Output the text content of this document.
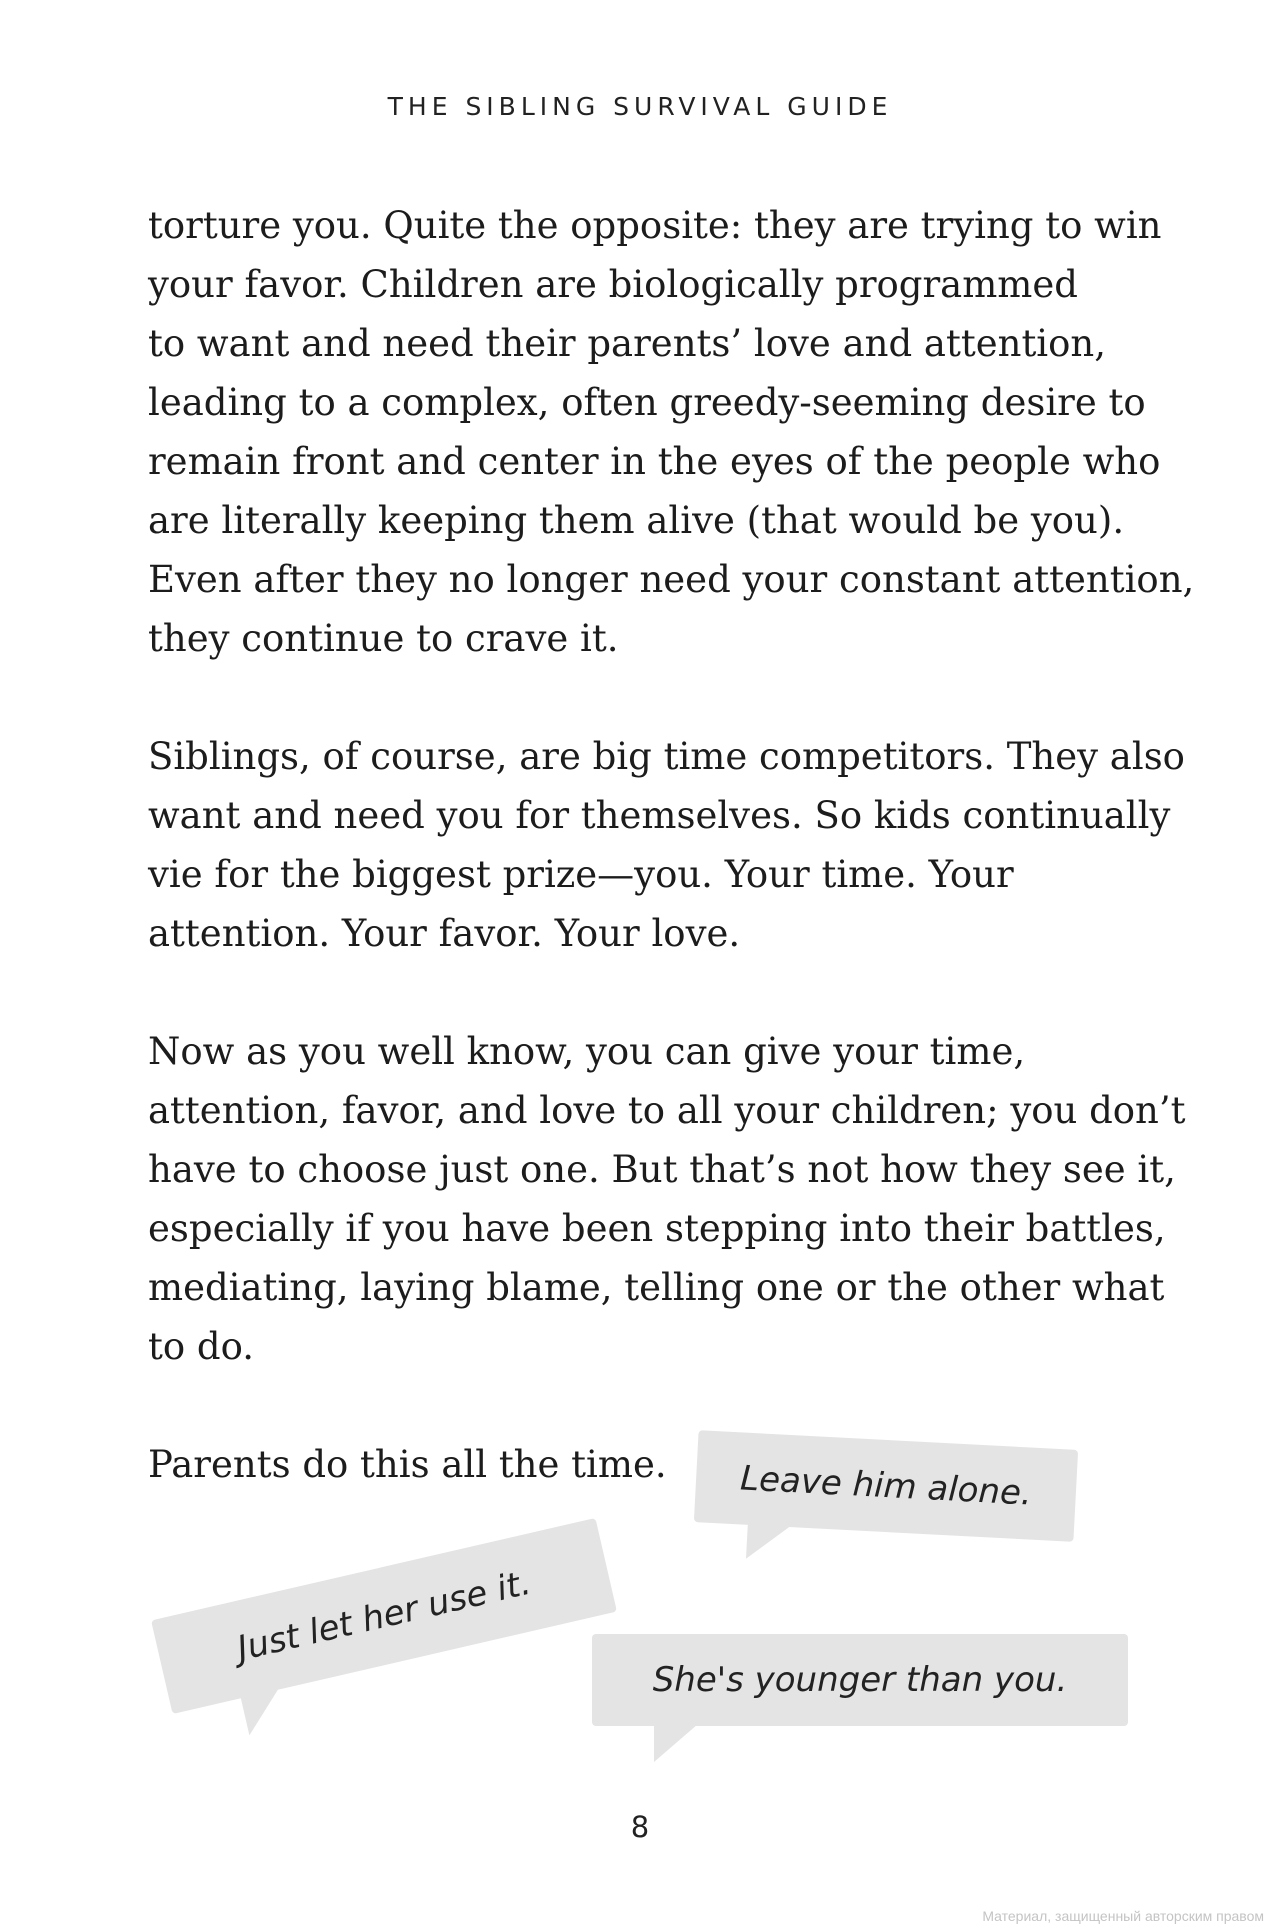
THE SIBLING SURVIVAL GUIDE

torture you. Quite the opposite: they are trying to win
your favor. Children are biologically programmed
to want and need their parents’ love and attention,
leading to a complex, often greedy-seeming desire to
remain front and center in the eyes of the people who
are literally keeping them alive (that would be you).
Even after they no longer need your constant attention,
they continue to crave it.

Siblings, of course, are big time competitors. They also
want and need you for themselves. So kids continually
vie for the biggest prize—you. Your time. Your
attention. Your favor. Your love.

Now as you well know, you can give your time,
attention, favor, and love to all your children; you don’t
have to choose just one. But that’s not how they see it,
especially if you have been stepping into their battles,
mediating, laying blame, telling one or the other what
to do.

Parents do this all the time.	Leave him alone.
Just let her use it.
She's younger than you.
8
Материал, защищенный авторским правом
